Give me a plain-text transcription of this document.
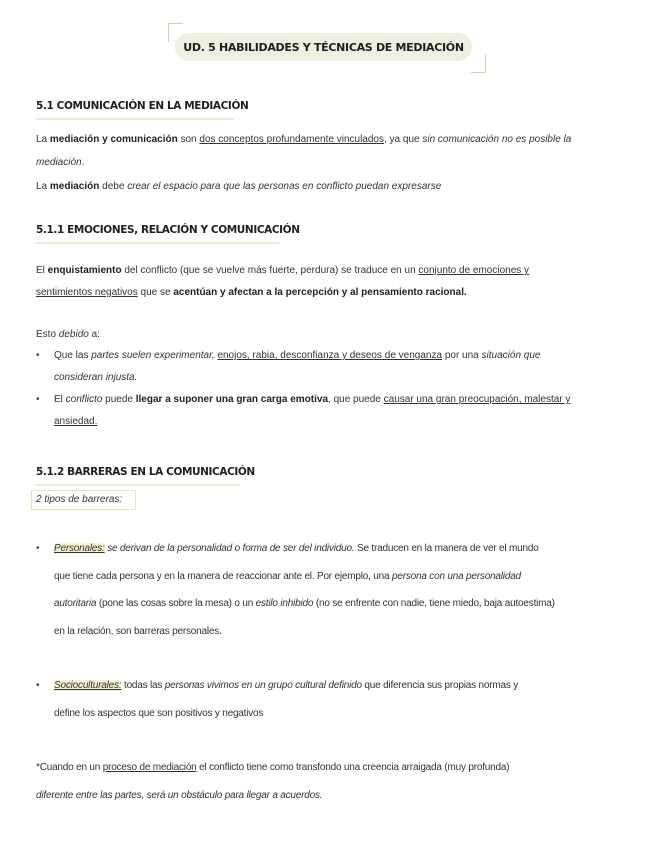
UD. 5 HABILIDADES Y TÉCNICAS DE MEDIACIÓN
5.1 COMUNICACIÓN EN LA MEDIACIÓN
La mediación y comunicación son dos conceptos profundamente vinculados, ya que sin comunicación no es posible la
mediación.
La mediación debe crear el espacio para que las personas en conflicto puedan expresarse
5.1.1 EMOCIONES, RELACIÓN Y COMUNICACIÓN
El enquistamiento del conflicto (que se vuelve más fuerte, perdura) se traduce en un conjunto de emociones y
sentimientos negativos que se acentúan y afectan a la percepción y al pensamiento racional.
Esto debido a:
• Que las partes suelen experimentar, enojos, rabia, desconfianza y deseos de venganza por una situación que
consideran injusta.
• El conflicto puede llegar a suponer una gran carga emotiva, que puede causar una gran preocupación, malestar y
ansiedad.
5.1.2 BARRERAS EN LA COMUNICACIÓN
2 tipos de barreras:
• Personales: se derivan de la personalidad o forma de ser del individuo. Se traducen en la manera de ver el mundo
que tiene cada persona y en la manera de reaccionar ante el. Por ejemplo, una persona con una personalidad
autoritaria (pone las cosas sobre la mesa) o un estilo inhibido (no se enfrente con nadie, tiene miedo, baja autoestima)
en la relación, son barreras personales.
• Socioculturales: todas las personas vivimos en un grupo cultural definido que diferencia sus propias normas y
define los aspectos que son positivos y negativos
*Cuando en un proceso de mediación el conflicto tiene como transfondo una creencia arraigada (muy profunda)
diferente entre las partes, será un obstáculo para llegar a acuerdos.
